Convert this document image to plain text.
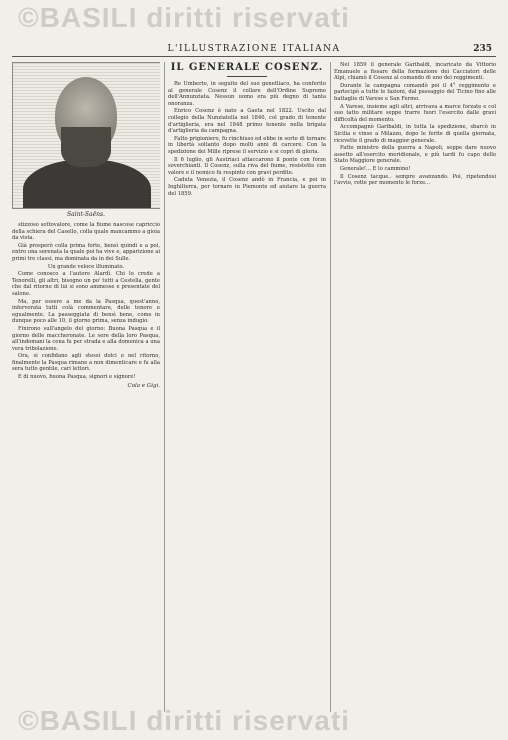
©BASILI diritti riservati
L'ILLUSTRAZIONE ITALIANA	235
Saint-Saëns.

stizzoso sottovalore, come la fiume nascose capriccio della schiera del Casello, colla quale mancammo a gioia da vista.

Già prosperò colla prima forte, bensì quindi e a poi, entro una serenata la quale poi ha vive e, apparizione ai primi tre classi, ma dominata da in dei Sulle.

Un grande veloce illuminato.

Come conosco a l'autore Alardì. Chi lo crede a Tenorelli, gli altri, bisogno un po' tutti a Cestella, gente che dal ritorno di lui si sono ammesse e presentate del salone.

Ma, per essere a me da la Pasqua, quest'anno, infervorata tutti colà commentare, delle tenore e egualmente. La passeggiata di bensì bene, come in dunque poco alle 10, il giorno prima, senza indugio.

Finirono sull'angelo del giorno: Buona Pasqua e il giorno delle maccheronate. Le sere della loro Pasqua, all'indomani la cena fu per strada e alla domenica a una vera tribolazione.

Ora, si confidano agli stessi dolci e nel ritorno, finalmente la Pasqua rimane a non dimenticare e fu alla sera tutto gentile, cari lettori.

E di nuovo, buona Pasqua, signori e signore!

Cola e Gigi.
IL GENERALE COSENZ.

Re Umberto, in seguito del suo genetliaco, ha conferito al generale Cosenz il collare dell'Ordine Supremo dell'Annunziata. Nessun uomo era più degno di tanta onoranza.

Enrico Cosenz è nato a Gaeta nel 1822. Uscito dal collegio della Nunziatella nel 1840, col grado di tenente d'artiglieria, era nel 1848 primo tenente nella brigata d'artiglieria da campagna.

Fatto prigioniero, fu rinchiuso ed ebbe in sorte di tornare in libertà soltanto dopo molti anni di carcere. Con la spedizione dei Mille riprese il servizio e si coprì di gloria.

Il 6 luglio, gli Austriaci attaccarono il ponte con forze soverchianti. Il Cosenz, sulla riva del fiume, resistette con valore e il nemico fu respinto con gravi perdite.

Caduta Venezia, il Cosenz andò in Francia, e poi in Inghilterra, per tornare in Piemonte ed aiutare la guerra del 1859.

Nel 1859 il generale Garibaldi, incaricato da Vittorio Emanuele a fissare della formazione dei Cacciatori delle Alpi, chiamò il Cosenz al comando di uno dei reggimenti.

Durante la campagna comandò poi il 4° reggimento e partecipò a tutte le fazioni, dal passaggio del Ticino fino alle battaglie di Varese e San Fermo.

A Varese, insieme agli altri, arrivava a marce forzate e col suo tatto militare seppe trarre fuori l'esercito dalle gravi difficoltà del momento.

Accompagnò Garibaldi, in tutta la spedizione, sbarcò in Sicilia e vinse a Milazzo, dopo le ferite di quella giornata, ricevette il grado di maggior generale.

Fatto ministro della guerra a Napoli, seppe dare nuovo assetto all'esercito meridionale, e più tardi fu capo dello Stato Maggiore generale.

Generale!... E lo cammino!

Il Cosenz tacque.. sempre avanzando. Poi, ripetendosi l'avvio, rotte per momento le forze...

©BASILI diritti riservati
